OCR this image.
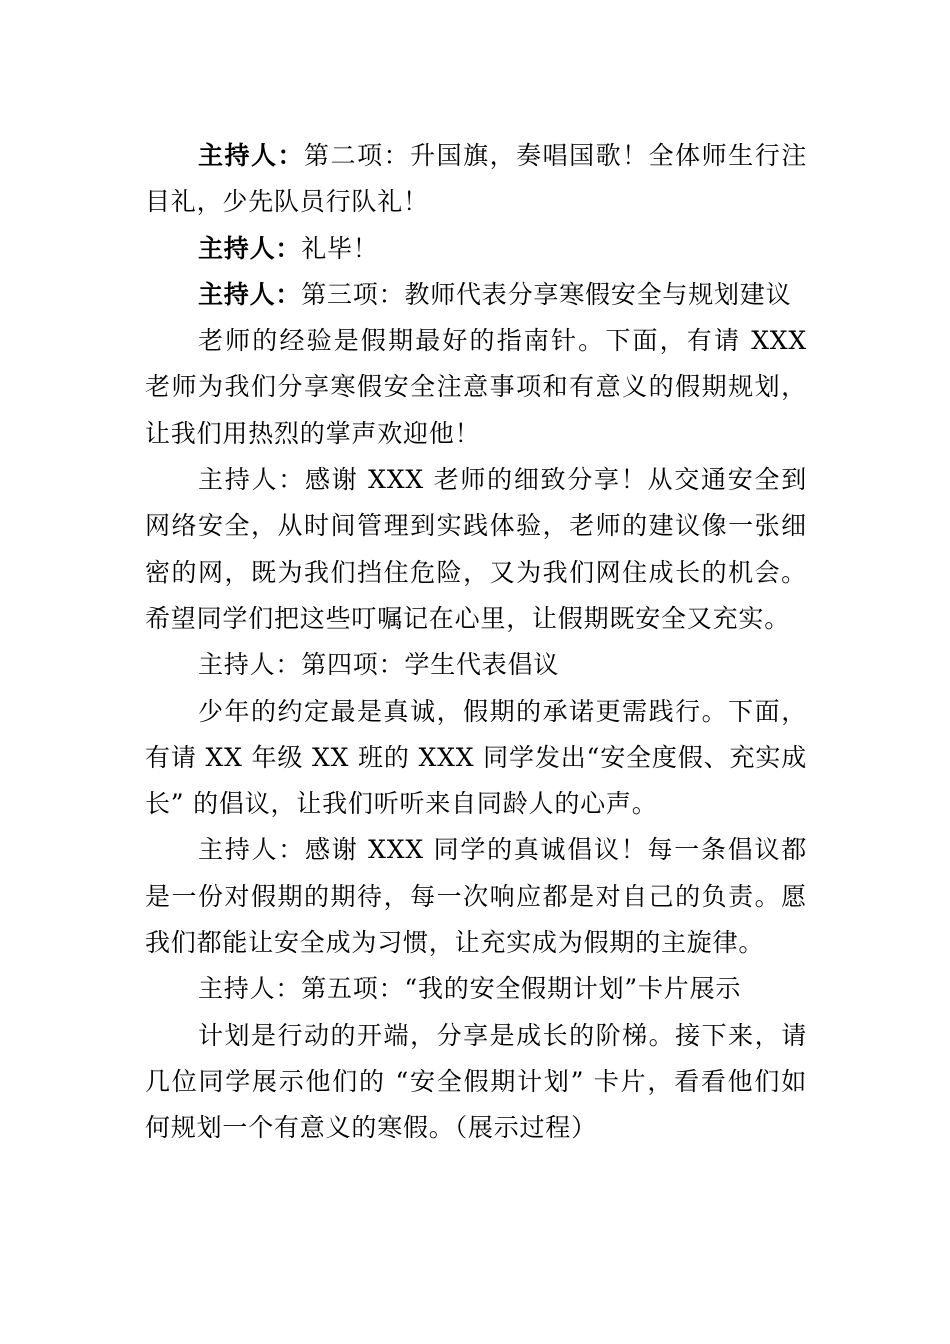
主持人：第二项：升国旗，奏唱国歌！全体师生行注目礼，少先队员行队礼！

主持人：礼毕！

主持人：第三项：教师代表分享寒假安全与规划建议

老师的经验是假期最好的指南针。下面，有请 XXX 老师为我们分享寒假安全注意事项和有意义的假期规划，让我们用热烈的掌声欢迎他！

主持人：感谢 XXX 老师的细致分享！从交通安全到网络安全，从时间管理到实践体验，老师的建议像一张细密的网，既为我们挡住危险，又为我们网住成长的机会。希望同学们把这些叮嘱记在心里，让假期既安全又充实。

主持人：第四项：学生代表倡议

少年的约定最是真诚，假期的承诺更需践行。下面，有请 XX 年级 XX 班的 XXX 同学发出“安全度假、充实成长” 的倡议，让我们听听来自同龄人的心声。

主持人：感谢 XXX 同学的真诚倡议！每一条倡议都是一份对假期的期待，每一次响应都是对自己的负责。愿我们都能让安全成为习惯，让充实成为假期的主旋律。

主持人：第五项：“我的安全假期计划”卡片展示

计划是行动的开端，分享是成长的阶梯。接下来，请几位同学展示他们的 “安全假期计划” 卡片，看看他们如何规划一个有意义的寒假。（展示过程）
